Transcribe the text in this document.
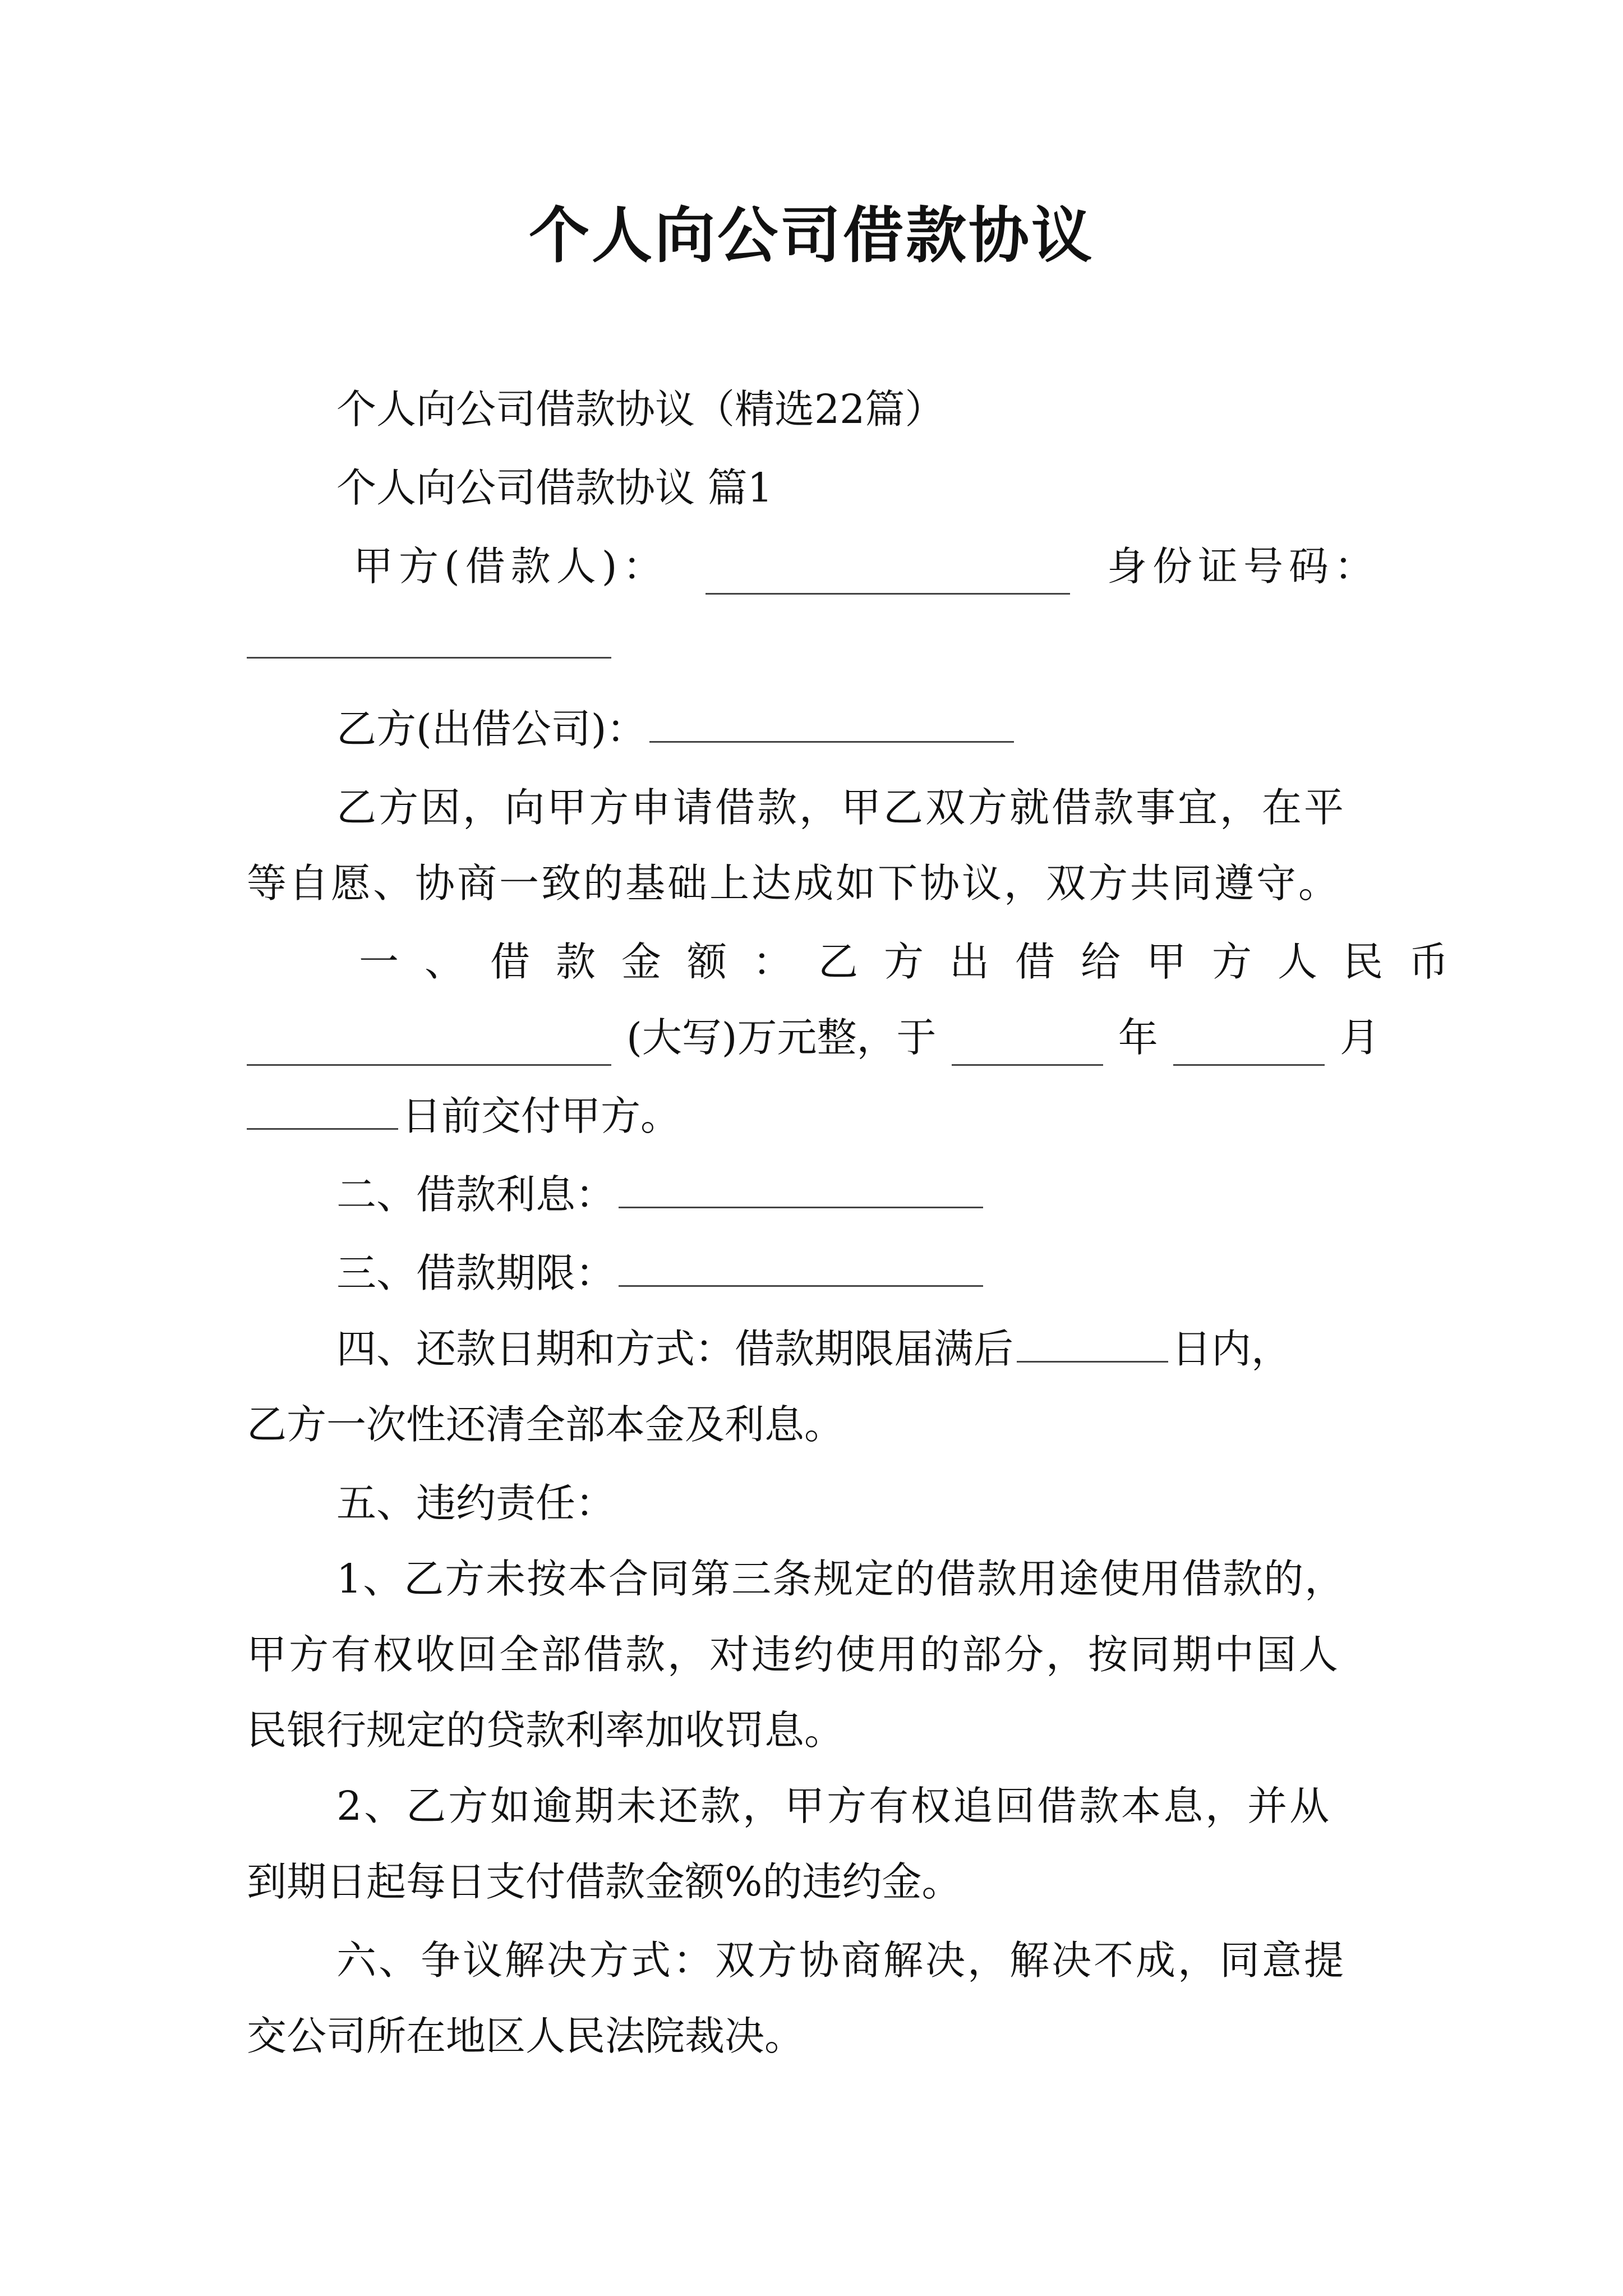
个人向公司借款协议
个人向公司借款协议（精选22篇）
个人向公司借款协议 篇1
甲方(借款人)：	身份证号码：
乙方(出借公司)：
乙方因，向甲方申请借款，甲乙双方就借款事宜，在平
等自愿、协商一致的基础上达成如下协议，双方共同遵守。
一、借款金额：乙方出借给甲方人民币
(大写)万元整，于	年	月
日前交付甲方。
二、借款利息：
三、借款期限：
四、还款日期和方式：借款期限届满后	日内，
乙方一次性还清全部本金及利息。
五、违约责任：
1、乙方未按本合同第三条规定的借款用途使用借款的，
甲方有权收回全部借款，对违约使用的部分，按同期中国人
民银行规定的贷款利率加收罚息。
2、乙方如逾期未还款，甲方有权追回借款本息，并从
到期日起每日支付借款金额%的违约金。
六、争议解决方式：双方协商解决，解决不成，同意提
交公司所在地区人民法院裁决。
